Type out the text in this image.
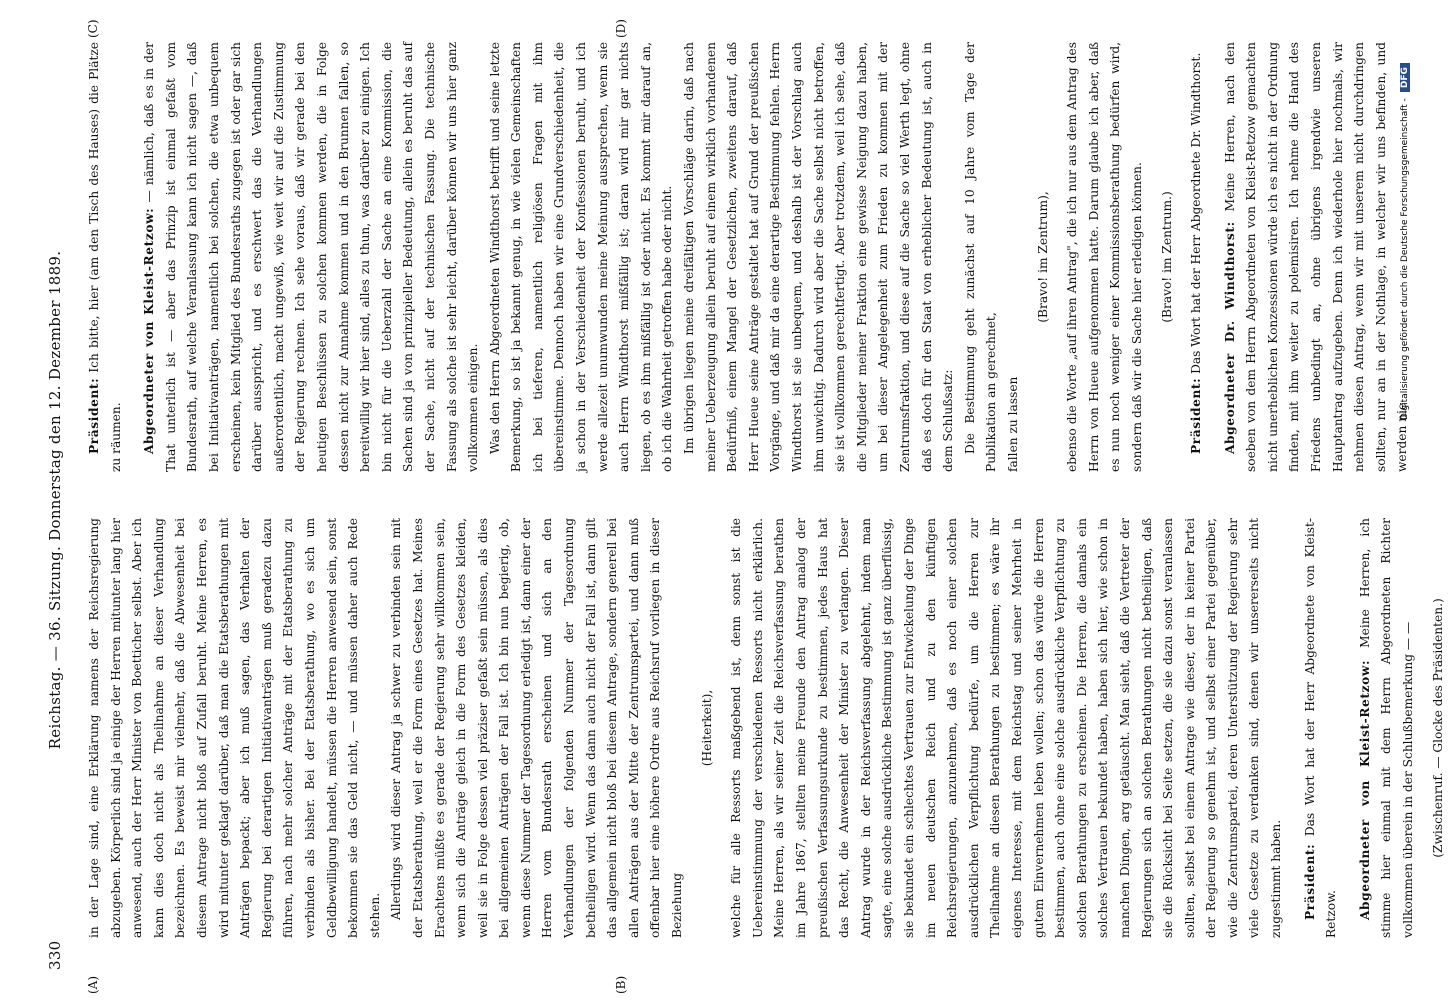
330
Reichstag. — 36. Sitzung. Donnerstag den 12. Dezember 1889.
(A)	(B)
(C)	(D)

in der Lage sind, eine Erklärung namens der Reichsregierung abzugeben. Körperlich sind ja einige der Herren mitunter lang hier anwesend, auch der Herr Minister von Boetticher selbst. Aber ich kann dies doch nicht als Theilnahme an dieser Verhandlung bezeichnen. Es beweist mir vielmehr, daß die Abwesenheit bei diesem Antrage nicht bloß auf Zufall beruht. Meine Herren, es wird mitunter geklagt darüber, daß man die Etatsberathungen mit Anträgen bepackt; aber ich muß sagen, das Verhalten der Regierung bei derartigen Initiativanträgen muß geradezu dazu führen, nach mehr solcher Anträge mit der Etatsberathung zu verbinden als bisher. Bei der Etatsberathung, wo es sich um Geldbewilligung handelt, müssen die Herren anwesend sein, sonst bekommen sie das Geld nicht, — und müssen daher auch Rede stehen. Allerdings wird dieser Antrag ja schwer zu verbinden sein mit der Etatsberathung, weil er die Form eines Gesetzes hat. Meines Erachtens müßte es gerade der Regierung sehr willkommen sein, wenn sich die Anträge gleich in die Form des Gesetzes kleiden, weil sie in Folge dessen viel präziser gefaßt sein müssen, als dies bei allgemeinen Anträgen der Fall ist. Ich bin nun begierig, ob, wenn diese Nummer der Tagesordnung erledigt ist, dann einer der Herren vom Bundesrath erscheinen und sich an den Verhandlungen der folgenden Nummer der Tagesordnung betheiligen wird. Wenn das dann auch nicht der Fall ist, dann gilt das allgemein nicht bloß bei diesem Antrage, sondern generell bei allen Anträgen aus der Mitte der Zentrumspartei, und dann muß offenbar hier eine höhere Ordre aus Reichsruf vorliegen in dieser Beziehung

(Heiterkeit),	welche für alle Ressorts maßgebend ist, denn sonst ist die Uebereinstimmung der verschiedenen Ressorts nicht erklärlich. Meine Herren, als wir seiner Zeit die Reichsverfassung berathen im Jahre 1867, stellten meine Freunde den Antrag analog der preußischen Verfassungsurkunde zu bestimmen, jedes Haus hat das Recht, die Anwesenheit der Minister zu verlangen. Dieser Antrag wurde in der Reichsverfassung abgelehnt, indem man sagte, eine solche ausdrückliche Bestimmung ist ganz überflüssig, sie bekundet ein schlechtes Vertrauen zur Entwickelung der Dinge im neuen deutschen Reich und zu den künftigen Reichsregierungen, anzunehmen, daß es noch einer solchen ausdrücklichen Verpflichtung bedürfe, um die Herren zur Theilnahme an diesen Berathungen zu bestimmen; es wäre ihr eigenes Interesse, mit dem Reichstag und seiner Mehrheit in gutem Einvernehmen leben wollen; schon das würde die Herren bestimmen, auch ohne eine solche ausdrückliche Verpflichtung zu solchen Berathungen zu erscheinen. Die Herren, die damals ein solches Vertrauen bekundet haben, haben sich hier, wie schon in manchen Dingen, arg getäuscht. Man sieht, daß die Vertreter der Regierungen sich an solchen Berathungen nicht betheiligen, daß sie die Rücksicht bei Seite setzen, die sie dazu sonst veranlassen sollten, selbst bei einem Antrage wie dieser, der in keiner Partei der Regierung so genehm ist, und selbst einer Partei gegenüber, wie die Zentrumspartei, deren Unterstützung der Regierung sehr viele Gesetze zu verdanken sind, denen wir unsererseits nicht zugestimmt haben.	Präsident: Das Wort hat der Herr Abgeordnete von Kleist-Retzow.	Abgeordneter von Kleist-Retzow: Meine Herren, ich stimme hier einmal mit dem Herrn Abgeordneten Richter vollkommen überein in der Schlußbemerkung — —	(Zwischenruf. — Glocke des Präsidenten.)

Präsident: Ich bitte, hier (am den Tisch des Hauses) die Plätze zu räumen.	Abgeordneter von Kleist-Retzow: — nämlich, daß es in der That unterlich ist — aber das Prinzip ist einmal gefaßt vom Bundesrath, auf welche Veranlassung kann ich nicht sagen —, daß bei Initiativanträgen, namentlich bei solchen, die etwa unbequem erscheinen, kein Mitglied des Bundesraths zugegen ist oder gar sich darüber ausspricht, und es erschwert das die Verhandlungen außerordentlich, macht ungewiß, wie weit wir auf die Zustimmung der Regierung rechnen. Ich sehe voraus, daß wir gerade bei den heutigen Beschlüssen zu solchen kommen werden, die in Folge dessen nicht zur Annahme kommen und in den Brunnen fallen, so bereitwillig wir hier sind, alles zu thun, was darüber zu einigen. Ich bin nicht für die Ueberzahl der Sache an eine Kommission, die Sachen sind ja von prinzipieller Bedeutung, allein es beruht das auf der Sache, nicht auf der technischen Fassung. Die technische Fassung als solche ist sehr leicht, darüber können wir uns hier ganz vollkommen einigen. Was den Herrn Abgeordneten Windthorst betrifft und seine letzte Bemerkung, so ist ja bekannt genug, in wie vielen Gemeinschaften ich bei tieferen, namentlich religiösen Fragen mit ihm übereinstimme. Dennoch haben wir eine Grundverschiedenheit, die ja schon in der Verschiedenheit der Konfessionen beruht, und ich werde allezeit unumwunden meine Meinung aussprechen, wenn sie auch Herrn Windthorst mißfällig ist; daran wird mir gar nichts liegen, ob es ihm mißfällig ist oder nicht. Es kommt mir darauf an, ob ich die Wahrheit getroffen habe oder nicht. Im übrigen liegen meine dreifältigen Vorschläge darin, daß nach meiner Ueberzeugung allein beruht auf einem wirklich vorhandenen Bedürfniß, einem Mangel der Gesetzlichen, zweitens darauf, daß Herr Hueue seine Anträge gestaltet hat auf Grund der preußischen Vorgänge, und daß mir da eine derartige Bestimmung fehlen. Herrn Windthorst ist sie unbequem, und deshalb ist der Vorschlag auch ihm unwichtig. Dadurch wird aber die Sache selbst nicht betroffen, sie ist vollkommen gerechtfertigt. Aber trotzdem, weil ich sehe, daß die Mitglieder meiner Fraktion eine gewisse Neigung dazu haben, um bei dieser Angelegenheit zum Frieden zu kommen mit der Zentrumsfraktion, und diese auf die Sache so viel Werth legt, ohne daß es doch für den Staat von erheblicher Bedeutung ist, auch in dem Schlußsatz: Die Bestimmung geht zunächst auf 10 Jahre vom Tage der Publikation an gerechnet, fallen zu lassen

(Bravo! im Zentrum),	ebenso die Worte „auf ihren Antrag", die ich nur aus dem Antrag des Herrn von Hueue aufgenommen hatte. Darum glaube ich aber, daß es nun noch weniger einer Kommissionsberathung bedürfen wird, sondern daß wir die Sache hier erledigen können.	(Bravo! im Zentrum.)

Präsident: Das Wort hat der Herr Abgeordnete Dr. Windthorst.	Abgeordneter Dr. Windthorst: Meine Herren, nach den soeben von dem Herrn Abgeordneten von Kleist-Retzow gemachten nicht unerheblichen Konzessionen würde ich es nicht in der Ordnung finden, mit ihm weiter zu polemisiren. Ich nehme die Hand des Friedens unbedingt an, ohne übrigens irgendwie unseren Hauptantrag aufzugeben. Denn ich wiederhole hier nochmals, wir nehmen diesen Antrag, wenn wir mit unserem nicht durchdringen sollten, nur an in der Nothlage, in welcher wir uns befinden, und werden nie

Digitalisierung gefördert durch die Deutsche Forschungsgemeinschaft -DFG
